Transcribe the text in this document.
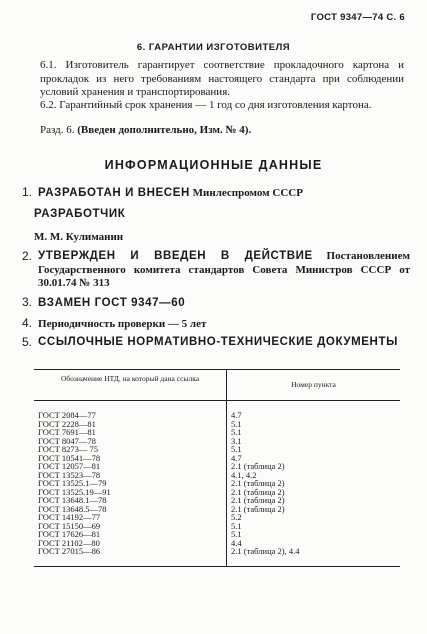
ГОСТ 9347—74 С. 6
6. ГАРАНТИИ ИЗГОТОВИТЕЛЯ
6.1. Изготовитель гарантирует соответствие прокладочного картона и прокладок из него требованиям настоящего стандарта при соблюдении условий хранения и транспортирования.
6.2. Гарантийный срок хранения — 1 год со дня изготовления картона.
Разд. 6. (Введен дополнительно, Изм. № 4).
ИНФОРМАЦИОННЫЕ ДАННЫЕ
1. РАЗРАБОТАН И ВНЕСЕН Минлеспромом СССР
РАЗРАБОТЧИК
М. М. Кулиманин
2. УТВЕРЖДЕН И ВВЕДЕН В ДЕЙСТВИЕ Постановлением Государственного комитета стандартов Совета Министров СССР от 30.01.74 № 313
3. ВЗАМЕН ГОСТ 9347—60
4. Периодичность проверки — 5 лет
5. ССЫЛОЧНЫЕ НОРМАТИВНО-ТЕХНИЧЕСКИЕ ДОКУМЕНТЫ
Обозначение НТД, на который дана ссылка
Номер пункта
ГОСТ 2084—77
ГОСТ 2228—81
ГОСТ 7691—81
ГОСТ 8047—78
ГОСТ 8273— 75
ГОСТ 10541—78
ГОСТ 12057—81
ГОСТ 13523—78
ГОСТ 13525.1—79
ГОСТ 13525.19—91
ГОСТ 13648.1—78
ГОСТ 13648.5—78
ГОСТ 14192—77
ГОСТ 15150—69
ГОСТ 17626—81
ГОСТ 21102—80
ГОСТ 27015—86
4.7
5.1
5.1
3.1
5.1
4.7
2.1 (таблица 2)
4.1, 4.2
2.1 (таблица 2)
2.1 (таблица 2)
2.1 (таблица 2)
2.1 (таблица 2)
5.2
5.1
5.1
4.4
2.1 (таблица 2), 4.4
